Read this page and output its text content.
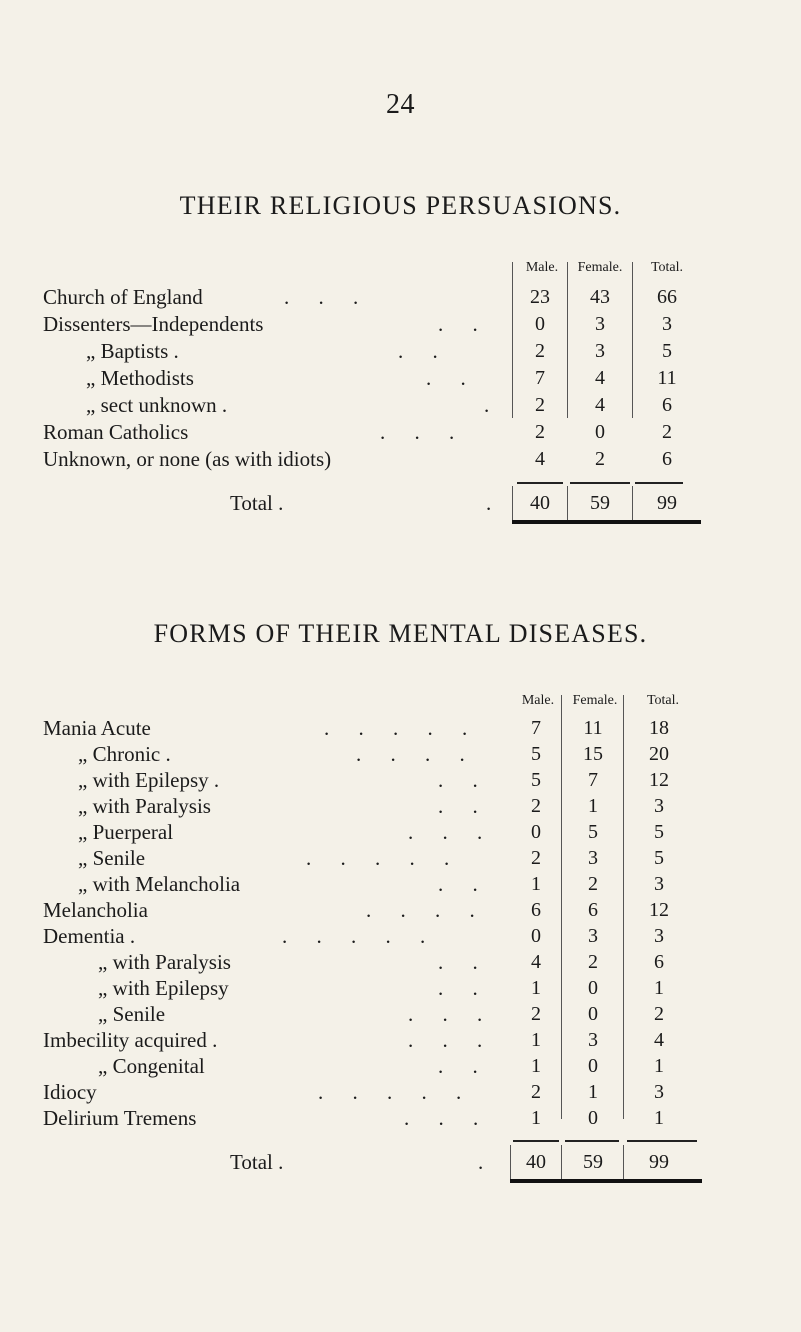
24
THEIR RELIGIOUS PERSUASIONS.
Male.	Female.	Total.
Church of England	. . .	23	43	66
Dissenters—Independents	. .	0	3	3
„ Baptists .	. .	2	3	5
„ Methodists	. .	7	4	11
„ sect unknown .	.	2	4	6
Roman Catholics	. . .	2	0	2
Unknown, or none (as with idiots)	4	2	6
Total .	.	40	59	99
FORMS OF THEIR MENTAL DISEASES.
Male.	Female.	Total.
Mania Acute	. . . . .	7	11	18
„ Chronic .	. . . .	5	15	20
„ with Epilepsy .	. .	5	7	12
„ with Paralysis	. .	2	1	3
„ Puerperal	. . .	0	5	5
„ Senile	. . . . .	2	3	5
„ with Melancholia	. .	1	2	3
Melancholia	. . . .	6	6	12
Dementia .	. . . . .	0	3	3
„ with Paralysis	. .	4	2	6
„ with Epilepsy	. .	1	0	1
„ Senile	. . .	2	0	2
Imbecility acquired .	. . .	1	3	4
„ Congenital	. .	1	0	1
Idiocy	. . . . .	2	1	3
Delirium Tremens	. . .	1	0	1
Total .	.	40	59	99
